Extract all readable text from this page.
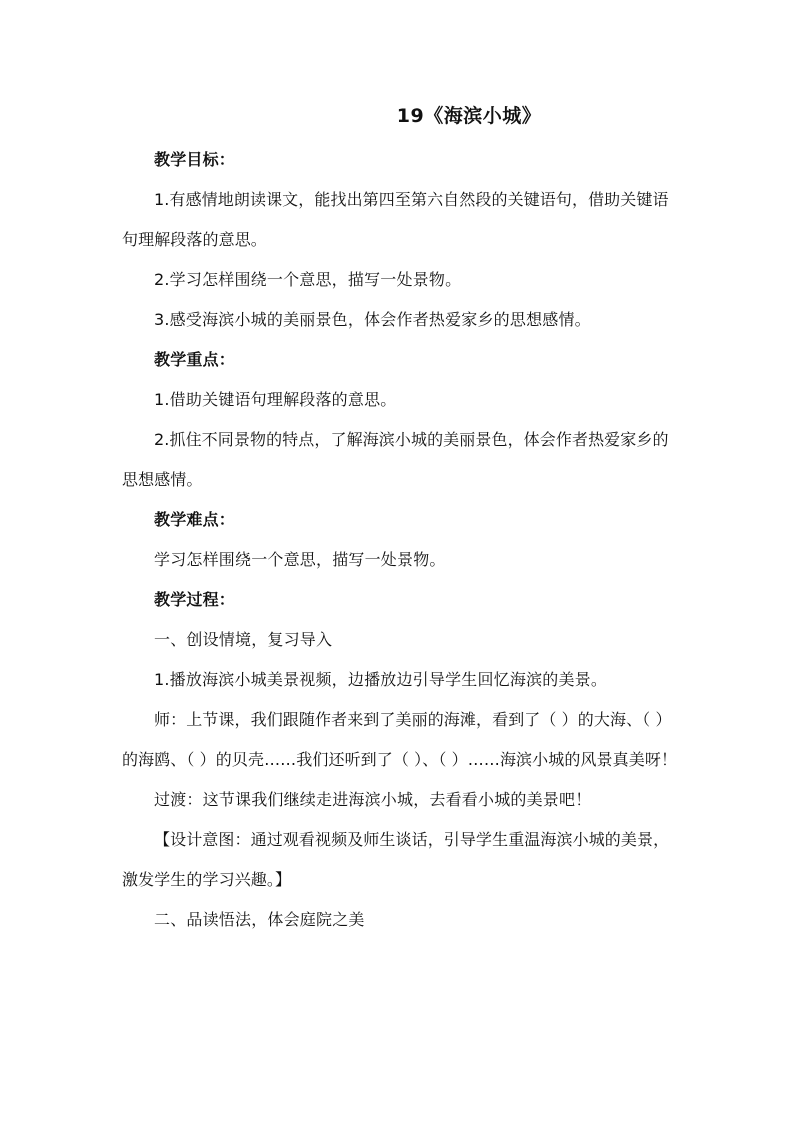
19《海滨小城》

教学目标：

1.有感情地朗读课文，能找出第四至第六自然段的关键语句，借助关键语句理解段落的意思。

2.学习怎样围绕一个意思，描写一处景物。

3.感受海滨小城的美丽景色，体会作者热爱家乡的思想感情。

教学重点：

1.借助关键语句理解段落的意思。

2.抓住不同景物的特点，了解海滨小城的美丽景色，体会作者热爱家乡的思想感情。

教学难点：

学习怎样围绕一个意思，描写一处景物。

教学过程：

一、创设情境，复习导入

1.播放海滨小城美景视频，边播放边引导学生回忆海滨的美景。

师：上节课，我们跟随作者来到了美丽的海滩，看到了（ ）的大海、（ ）的海鸥、（ ）的贝壳……我们还听到了（ ）、（ ）……海滨小城的风景真美呀！

过渡：这节课我们继续走进海滨小城，去看看小城的美景吧！

【设计意图：通过观看视频及师生谈话，引导学生重温海滨小城的美景，激发学生的学习兴趣。】

二、品读悟法，体会庭院之美
